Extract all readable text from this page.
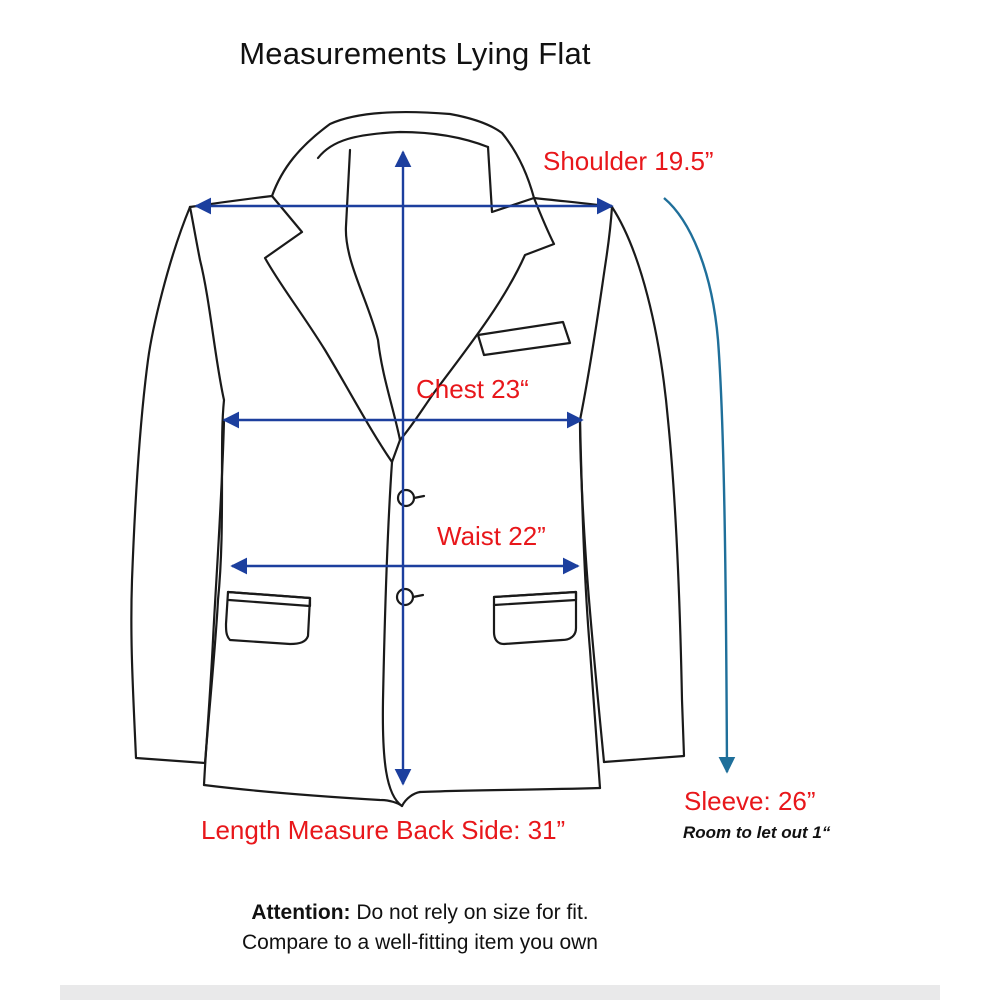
Measurements Lying Flat
Shoulder 19.5”
Chest 23“
Waist 22”
Sleeve: 26”
Room to let out 1“
Length Measure Back Side: 31”
Attention: Do not rely on size for fit.
Compare to a well-fitting item you own
